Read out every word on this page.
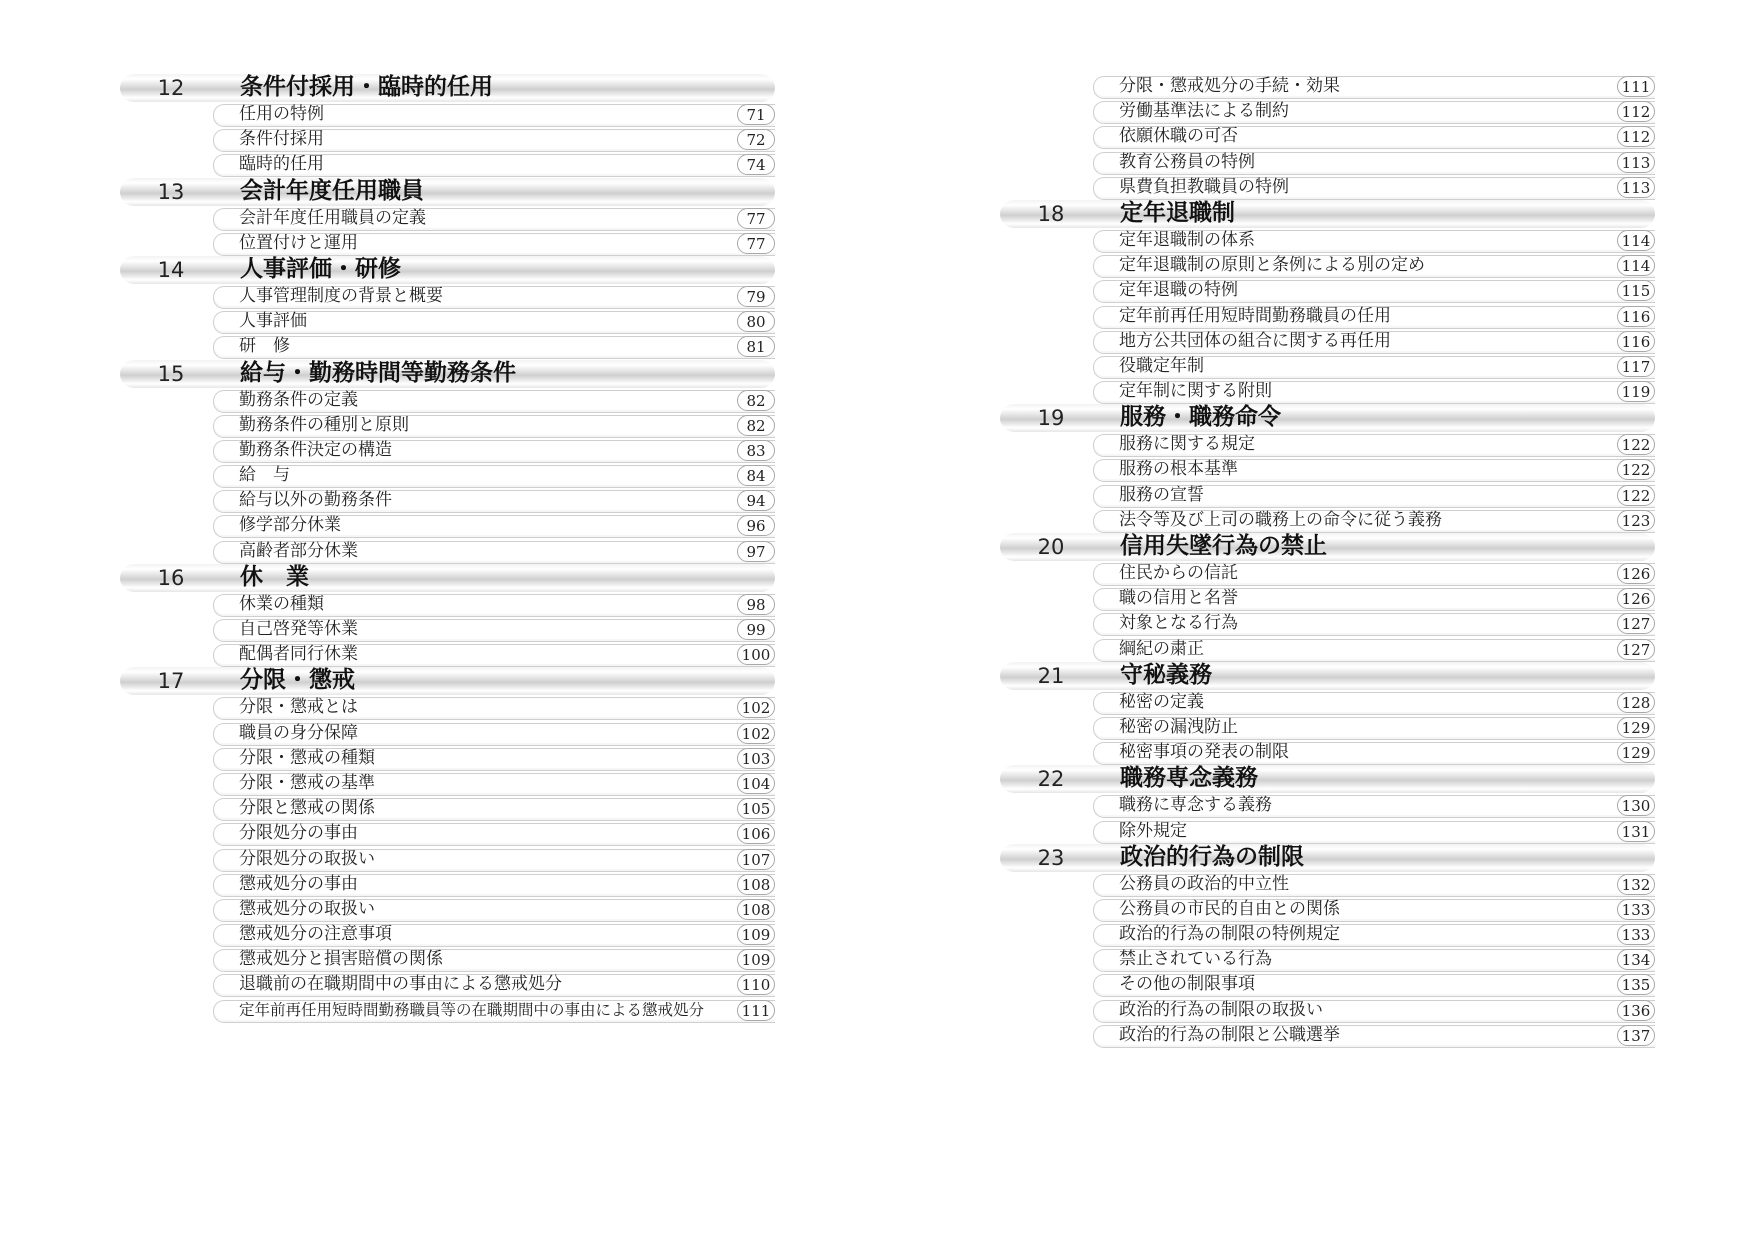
12	条件付採用・臨時的任用
任用の特例	71
条件付採用	72
臨時的任用	74
13	会計年度任用職員
会計年度任用職員の定義	77
位置付けと運用	77
14	人事評価・研修
人事管理制度の背景と概要	79
人事評価	80
研　修	81
15	給与・勤務時間等勤務条件
勤務条件の定義	82
勤務条件の種別と原則	82
勤務条件決定の構造	83
給　与	84
給与以外の勤務条件	94
修学部分休業	96
高齢者部分休業	97
16	休　業
休業の種類	98
自己啓発等休業	99
配偶者同行休業	100
17	分限・懲戒
分限・懲戒とは	102
職員の身分保障	102
分限・懲戒の種類	103
分限・懲戒の基準	104
分限と懲戒の関係	105
分限処分の事由	106
分限処分の取扱い	107
懲戒処分の事由	108
懲戒処分の取扱い	108
懲戒処分の注意事項	109
懲戒処分と損害賠償の関係	109
退職前の在職期間中の事由による懲戒処分	110
定年前再任用短時間勤務職員等の在職期間中の事由による懲戒処分	111
分限・懲戒処分の手続・効果	111
労働基準法による制約	112
依願休職の可否	112
教育公務員の特例	113
県費負担教職員の特例	113
18	定年退職制
定年退職制の体系	114
定年退職制の原則と条例による別の定め	114
定年退職の特例	115
定年前再任用短時間勤務職員の任用	116
地方公共団体の組合に関する再任用	116
役職定年制	117
定年制に関する附則	119
19	服務・職務命令
服務に関する規定	122
服務の根本基準	122
服務の宣誓	122
法令等及び上司の職務上の命令に従う義務	123
20	信用失墜行為の禁止
住民からの信託	126
職の信用と名誉	126
対象となる行為	127
綱紀の粛正	127
21	守秘義務
秘密の定義	128
秘密の漏洩防止	129
秘密事項の発表の制限	129
22	職務専念義務
職務に専念する義務	130
除外規定	131
23	政治的行為の制限
公務員の政治的中立性	132
公務員の市民的自由との関係	133
政治的行為の制限の特例規定	133
禁止されている行為	134
その他の制限事項	135
政治的行為の制限の取扱い	136
政治的行為の制限と公職選挙	137
